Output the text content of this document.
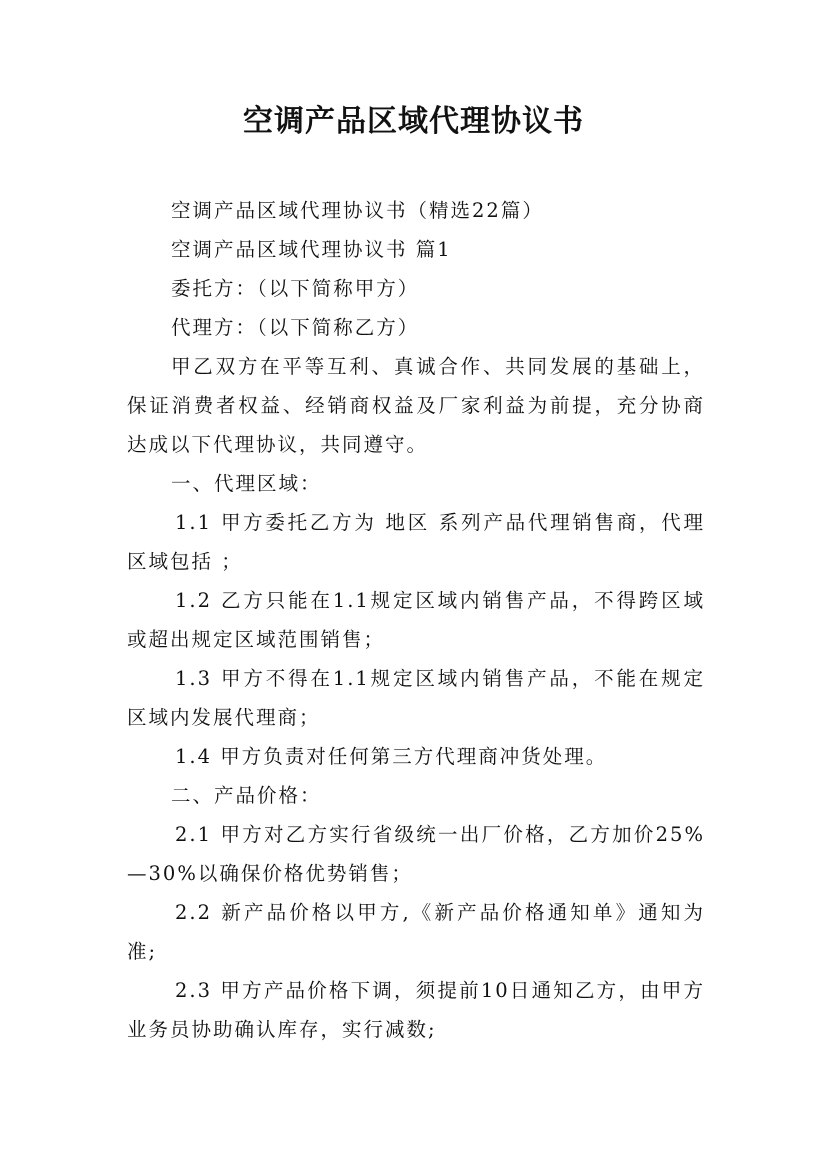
空调产品区域代理协议书

空调产品区域代理协议书（精选22篇）

空调产品区域代理协议书 篇1

委托方：（以下简称甲方）

代理方：（以下简称乙方）

甲乙双方在平等互利、真诚合作、共同发展的基础上，保证消费者权益、经销商权益及厂家利益为前提，充分协商达成以下代理协议，共同遵守。

一、代理区域：

1.1 甲方委托乙方为 地区 系列产品代理销售商，代理区域包括 ；

1.2 乙方只能在1.1规定区域内销售产品，不得跨区域或超出规定区域范围销售；

1.3 甲方不得在1.1规定区域内销售产品，不能在规定区域内发展代理商；

1.4 甲方负责对任何第三方代理商冲货处理。

二、产品价格：

2.1 甲方对乙方实行省级统一出厂价格，乙方加价25%—30%以确保价格优势销售；

2.2 新产品价格以甲方,《新产品价格通知单》通知为准;

2.3 甲方产品价格下调，须提前10日通知乙方，由甲方业务员协助确认库存，实行减数;
